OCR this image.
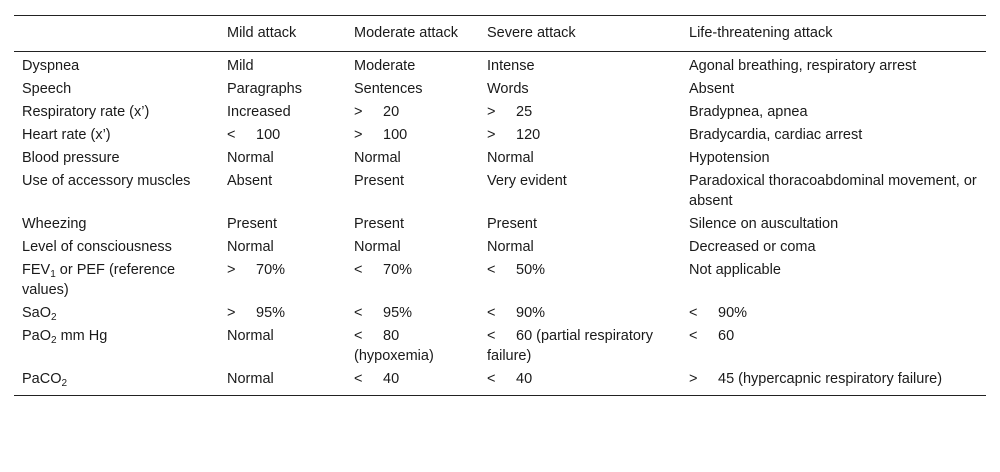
	Mild attack	Moderate attack	Severe attack	Life-threatening attack
Dyspnea	Mild	Moderate	Intense	Agonal breathing, respiratory arrest
Speech	Paragraphs	Sentences	Words	Absent
Respiratory rate (x’)	Increased	> 20	> 25	Bradypnea, apnea
Heart rate (x’)	< 100	> 100	> 120	Bradycardia, cardiac arrest
Blood pressure	Normal	Normal	Normal	Hypotension
Use of accessory muscles	Absent	Present	Very evident	Paradoxical thoracoabdominal movement, or absent
Wheezing	Present	Present	Present	Silence on auscultation
Level of consciousness	Normal	Normal	Normal	Decreased or coma
$FEV_1$ or PEF (reference values)	> 70%	< 70%	< 50%	Not applicable
SaO$_2$	> 95%	< 95%	< 90%	< 90%
PaO$_2$ mm Hg	Normal	< 80 (hypoxemia)	< 60 (partial respiratory failure)	< 60
PaCO$_2$	Normal	< 40	< 40	> 45 (hypercapnic respiratory failure)
